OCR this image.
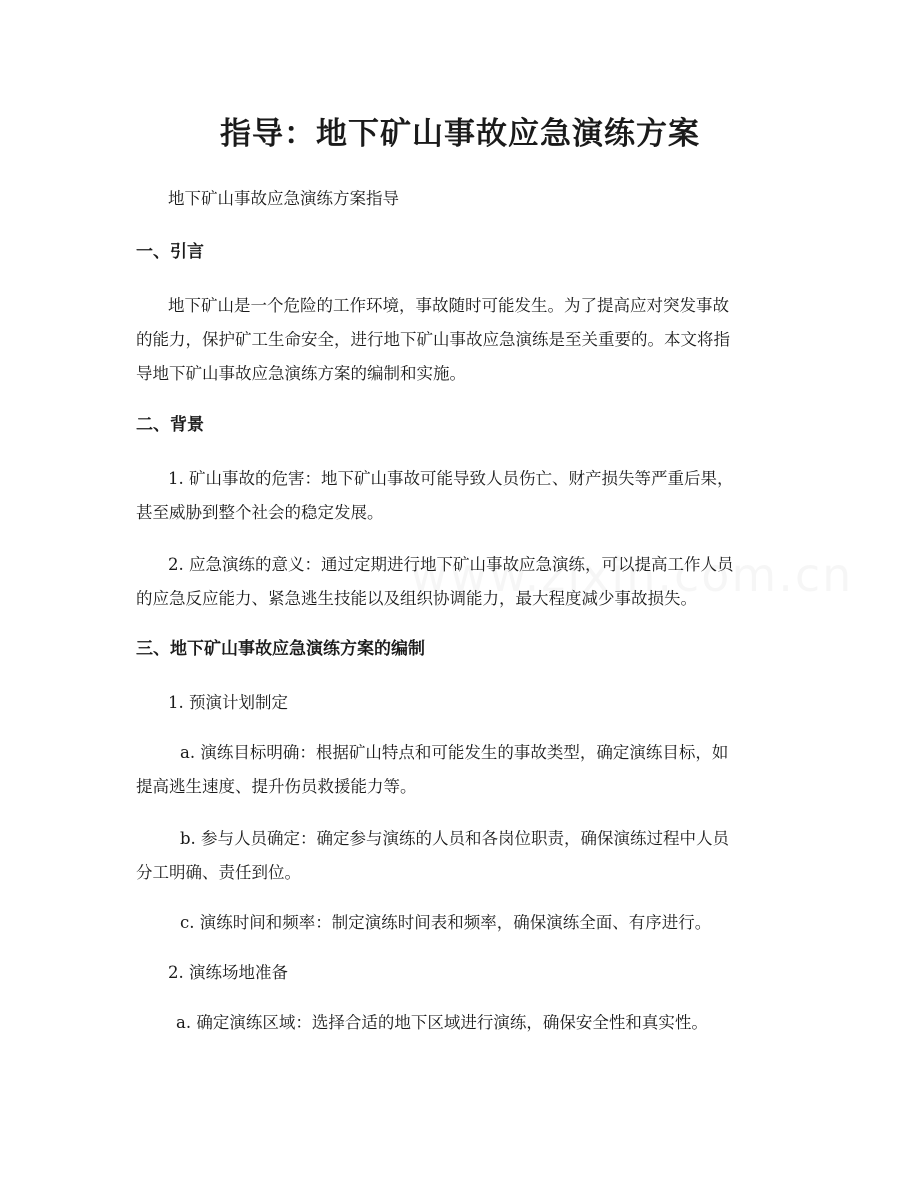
指导：地下矿山事故应急演练方案

地下矿山事故应急演练方案指导

一、引言

地下矿山是一个危险的工作环境，事故随时可能发生。为了提高应对突发事故

的能力，保护矿工生命安全，进行地下矿山事故应急演练是至关重要的。本文将指

导地下矿山事故应急演练方案的编制和实施。

二、背景

1. 矿山事故的危害：地下矿山事故可能导致人员伤亡、财产损失等严重后果，

甚至威胁到整个社会的稳定发展。

2. 应急演练的意义：通过定期进行地下矿山事故应急演练，可以提高工作人员

的应急反应能力、紧急逃生技能以及组织协调能力，最大程度减少事故损失。

三、地下矿山事故应急演练方案的编制

1. 预演计划制定

a. 演练目标明确：根据矿山特点和可能发生的事故类型，确定演练目标，如

提高逃生速度、提升伤员救援能力等。

b. 参与人员确定：确定参与演练的人员和各岗位职责，确保演练过程中人员

分工明确、责任到位。

c. 演练时间和频率：制定演练时间表和频率，确保演练全面、有序进行。

2. 演练场地准备

a. 确定演练区域：选择合适的地下区域进行演练，确保安全性和真实性。
